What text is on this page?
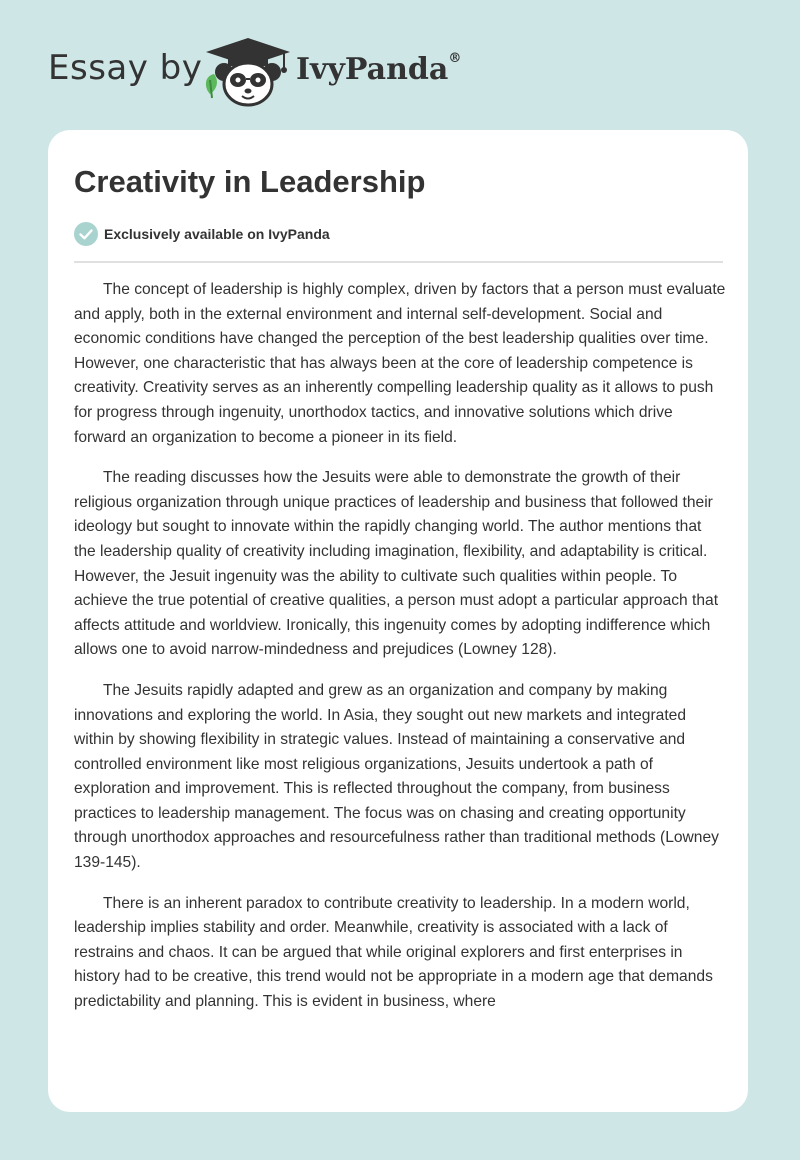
Essay by	IvyPanda®
Creativity in Leadership
Exclusively available on IvyPanda

The concept of leadership is highly complex, driven by factors that a person must evaluate and apply, both in the external environment and internal self-development. Social and economic conditions have changed the perception of the best leadership qualities over time. However, one characteristic that has always been at the core of leadership competence is creativity. Creativity serves as an inherently compelling leadership quality as it allows to push for progress through ingenuity, unorthodox tactics, and innovative solutions which drive forward an organization to become a pioneer in its field.

The reading discusses how the Jesuits were able to demonstrate the growth of their religious organization through unique practices of leadership and business that followed their ideology but sought to innovate within the rapidly changing world. The author mentions that the leadership quality of creativity including imagination, flexibility, and adaptability is critical. However, the Jesuit ingenuity was the ability to cultivate such qualities within people. To achieve the true potential of creative qualities, a person must adopt a particular approach that affects attitude and worldview. Ironically, this ingenuity comes by adopting indifference which allows one to avoid narrow-mindedness and prejudices (Lowney 128).

The Jesuits rapidly adapted and grew as an organization and company by making innovations and exploring the world. In Asia, they sought out new markets and integrated within by showing flexibility in strategic values. Instead of maintaining a conservative and controlled environment like most religious organizations, Jesuits undertook a path of exploration and improvement. This is reflected throughout the company, from business practices to leadership management. The focus was on chasing and creating opportunity through unorthodox approaches and resourcefulness rather than traditional methods (Lowney 139-145).

There is an inherent paradox to contribute creativity to leadership. In a modern world, leadership implies stability and order. Meanwhile, creativity is associated with a lack of restrains and chaos. It can be argued that while original explorers and first enterprises in history had to be creative, this trend would not be appropriate in a modern age that demands predictability and planning. This is evident in business, where
